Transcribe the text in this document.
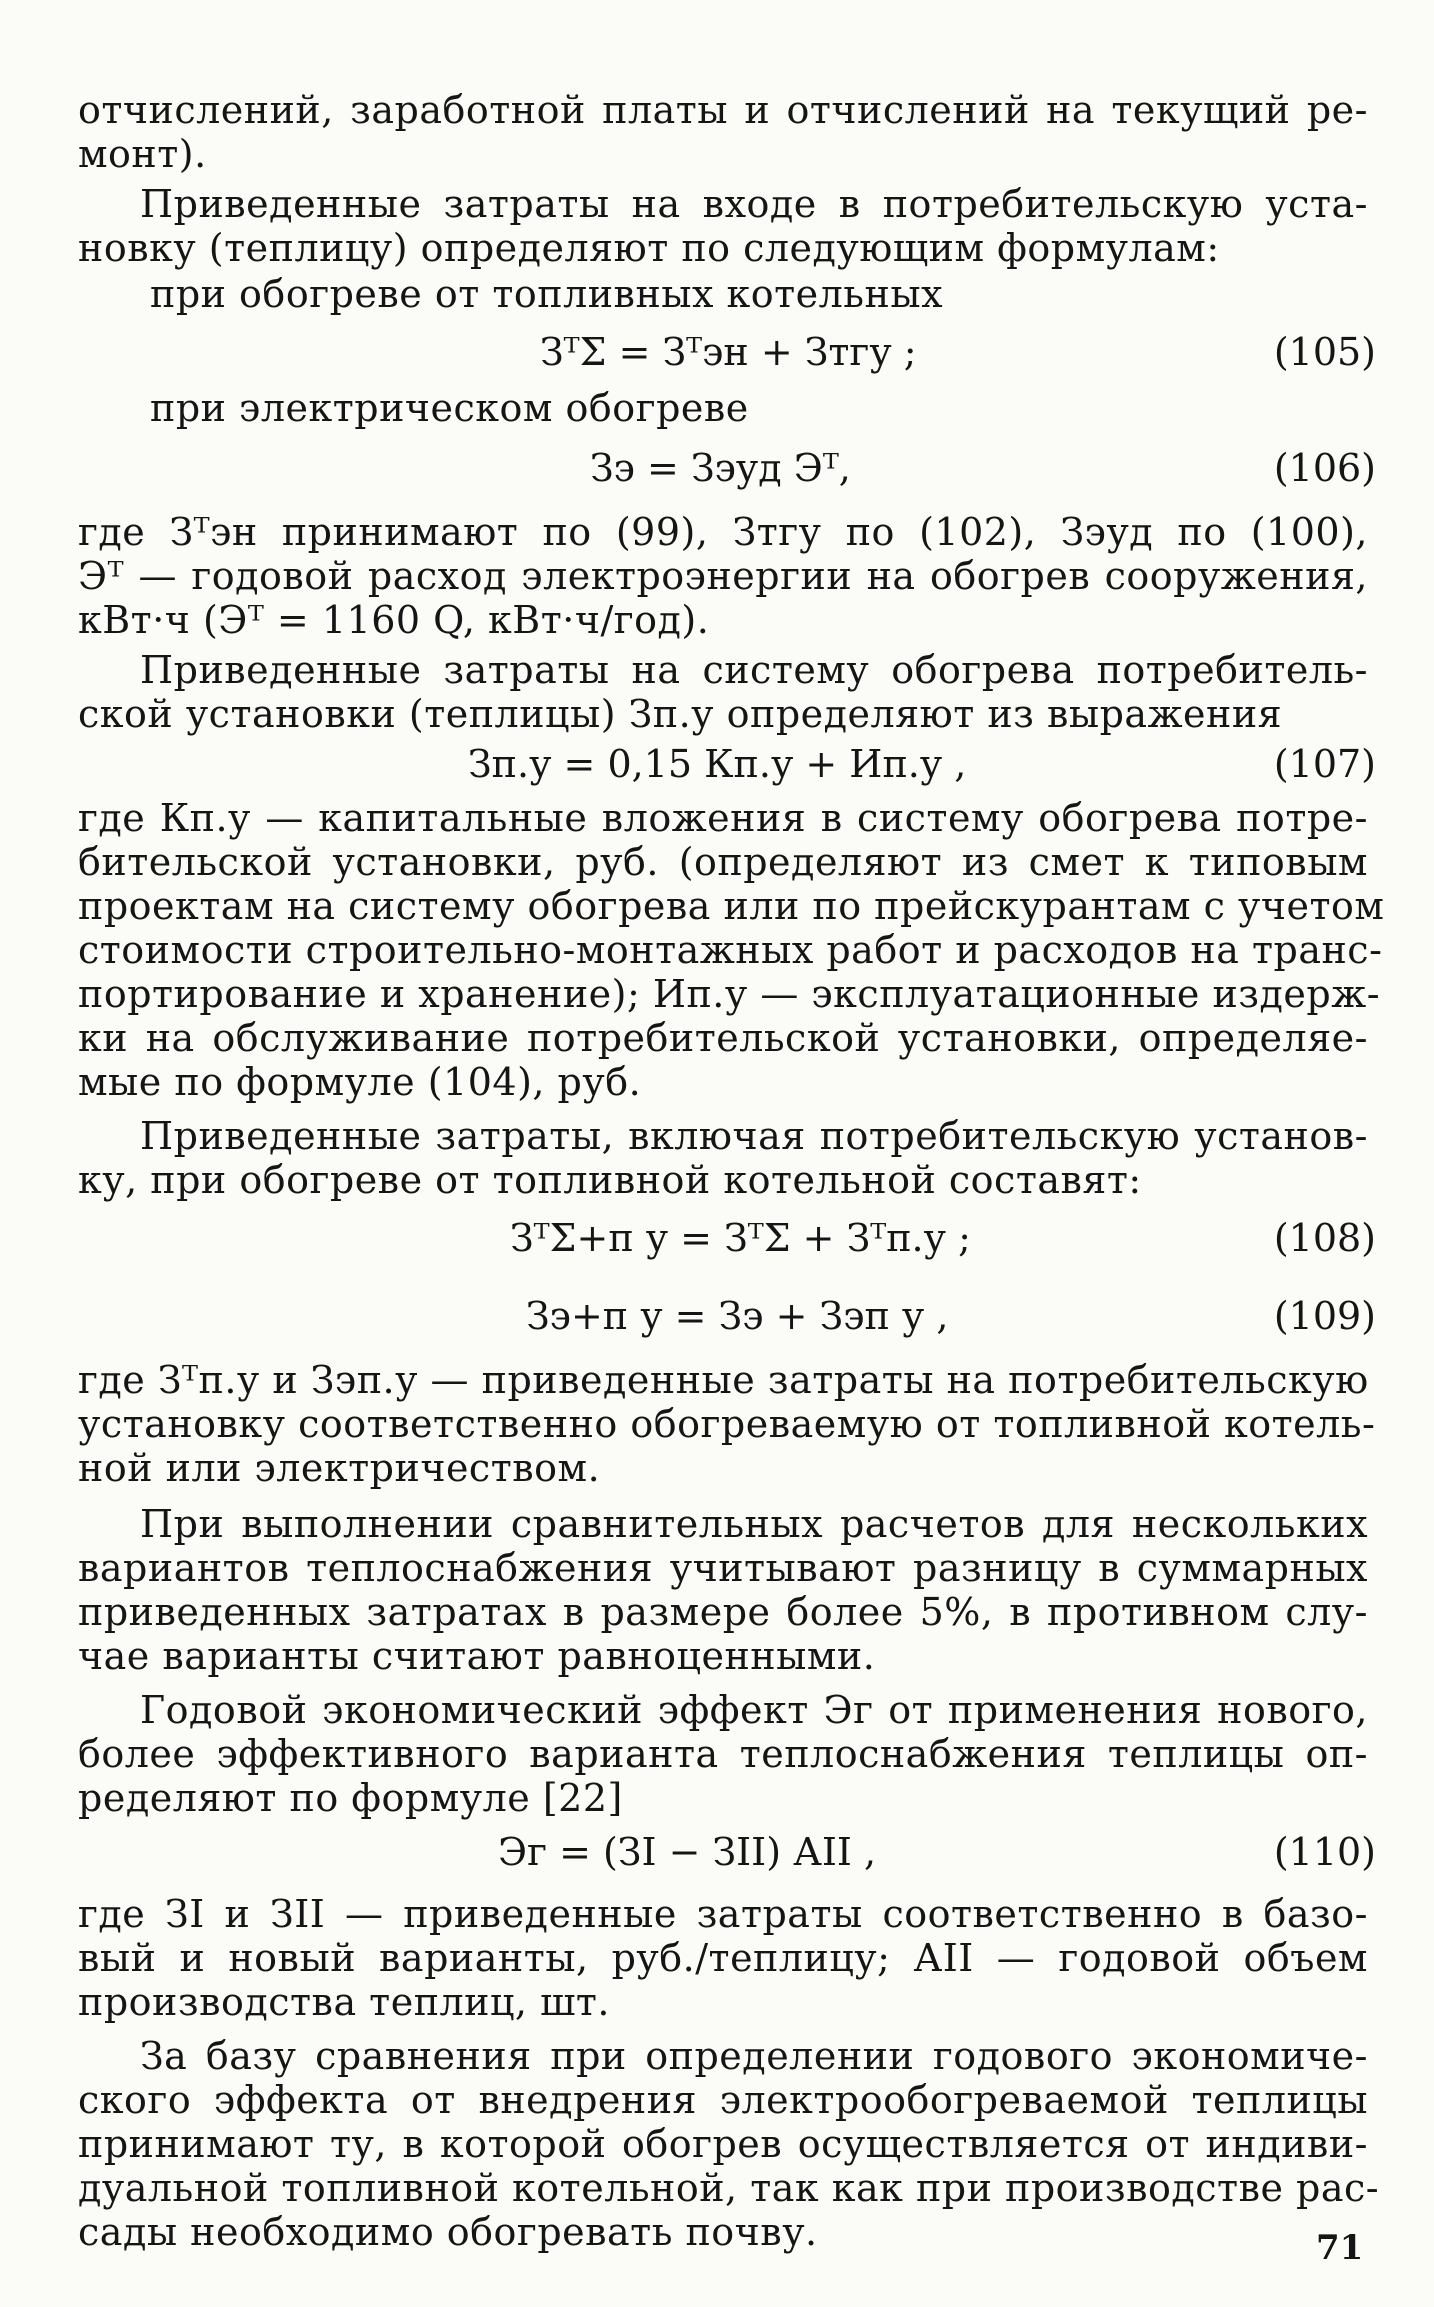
отчислений, заработной платы и отчислений на текущий ре-
монт).
Приведенные затраты на входе в потребительскую уста-
новку (теплицу) определяют по следующим формулам:
при обогреве от топливных котельных
ЗᵀΣ = Зᵀэн + Зтгу ;	(105)
при электрическом обогреве
Зэ = Зэуд Эᵀ,	(106)
где Зᵀэн принимают по (99), Зтгу по (102), Зэуд по (100),
Эᵀ — годовой расход электроэнергии на обогрев сооружения,
кВт·ч (Эᵀ = 1160 Q, кВт·ч/год).
Приведенные затраты на систему обогрева потребитель-
ской установки (теплицы) Зп.у определяют из выражения
Зп.у = 0,15 Кп.у + Ип.у ,	(107)
где Кп.у — капитальные вложения в систему обогрева потре-
бительской установки, руб. (определяют из смет к типовым
проектам на систему обогрева или по прейскурантам с учетом
стоимости строительно-монтажных работ и расходов на транс-
портирование и хранение); Ип.у — эксплуатационные издерж-
ки на обслуживание потребительской установки, определяе-
мые по формуле (104), руб.
Приведенные затраты, включая потребительскую установ-
ку, при обогреве от топливной котельной составят:
ЗᵀΣ+п у = ЗᵀΣ + Зᵀп.у ;	(108)
Зэ+п у = Зэ + Зэп у ,	(109)
где Зᵀп.у и Зэп.у — приведенные затраты на потребительскую
установку соответственно обогреваемую от топливной котель-
ной или электричеством.
При выполнении сравнительных расчетов для нескольких
вариантов теплоснабжения учитывают разницу в суммарных
приведенных затратах в размере более 5%, в противном слу-
чае варианты считают равноценными.
Годовой экономический эффект Эг от применения нового,
более эффективного варианта теплоснабжения теплицы оп-
ределяют по формуле [22]
Эг = (ЗI − ЗII) АII ,	(110)
где ЗI и ЗII — приведенные затраты соответственно в базо-
вый и новый варианты, руб./теплицу; АII — годовой объем
производства теплиц, шт.
За базу сравнения при определении годового экономиче-
ского эффекта от внедрения электрообогреваемой теплицы
принимают ту, в которой обогрев осуществляется от индиви-
дуальной топливной котельной, так как при производстве рас-
сады необходимо обогревать почву.	71
